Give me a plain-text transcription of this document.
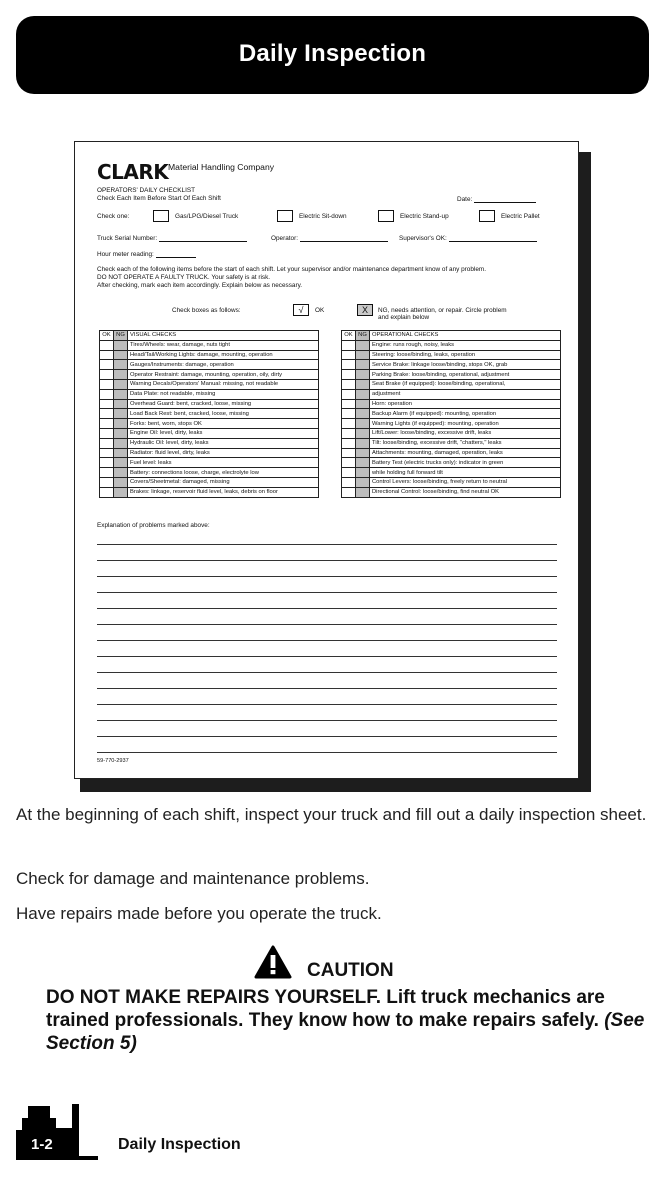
Daily Inspection
CLARK Material Handling Company
OPERATORS' DAILY CHECKLIST
Check Each Item Before Start Of Each Shift	Date:
Check one:	Gas/LPG/Diesel Truck	Electric Sit-down	Electric Stand-up	Electric Pallet
Truck Serial Number:	Operator:	Supervisor's OK:
Hour meter reading:
Check each of the following items before the start of each shift. Let your supervisor and/or maintenance department know of any problem.
DO NOT OPERATE A FAULTY TRUCK. Your safety is at risk.
After checking, mark each item accordingly. Explain below as necessary.
Check boxes as follows:	√	OK	X	NG, needs attention, or repair. Circle problem
and explain below
OK	NG	VISUAL CHECKS
		Tires/Wheels: wear, damage, nuts tight
		Head/Tail/Working Lights: damage, mounting, operation
		Gauges/Instruments: damage, operation
		Operator Restraint: damage, mounting, operation, oily, dirty
		Warning Decals/Operators' Manual: missing, not readable
		Data Plate: not readable, missing
		Overhead Guard: bent, cracked, loose, missing
		Load Back Rest: bent, cracked, loose, missing
		Forks: bent, worn, stops OK
		Engine Oil: level, dirty, leaks
		Hydraulic Oil: level, dirty, leaks
		Radiator: fluid level, dirty, leaks
		Fuel level: leaks
		Battery: connections loose, charge, electrolyte low
		Covers/Sheetmetal: damaged, missing
		Brakes: linkage, reservoir fluid level, leaks, debris on floor
OK	NG	OPERATIONAL CHECKS
		Engine: runs rough, noisy, leaks
		Steering: loose/binding, leaks, operation
		Service Brake: linkage loose/binding, stops OK, grab
		Parking Brake: loose/binding, operational, adjustment
		Seat Brake (if equipped): loose/binding, operational,
		adjustment
		Horn: operation
		Backup Alarm (if equipped): mounting, operation
		Warning Lights (if equipped): mounting, operation
		Lift/Lower: loose/binding, excessive drift, leaks
		Tilt: loose/binding, excessive drift, "chatters," leaks
		Attachments: mounting, damaged, operation, leaks
		Battery Test (electric trucks only): indicator in green
		while holding full forward tilt
		Control Levers: loose/binding, freely return to neutral
		Directional Control: loose/binding, find neutral OK
Explanation of problems marked above:
59-770-2937
At the beginning of each shift, inspect your truck and fill out a daily inspection sheet.
Check for damage and maintenance problems.
Have repairs made before you operate the truck.
CAUTION
DO NOT MAKE REPAIRS YOURSELF. Lift truck mechanics are trained professionals. They know how to make repairs safely. (See Section 5)
1-2	Daily Inspection
